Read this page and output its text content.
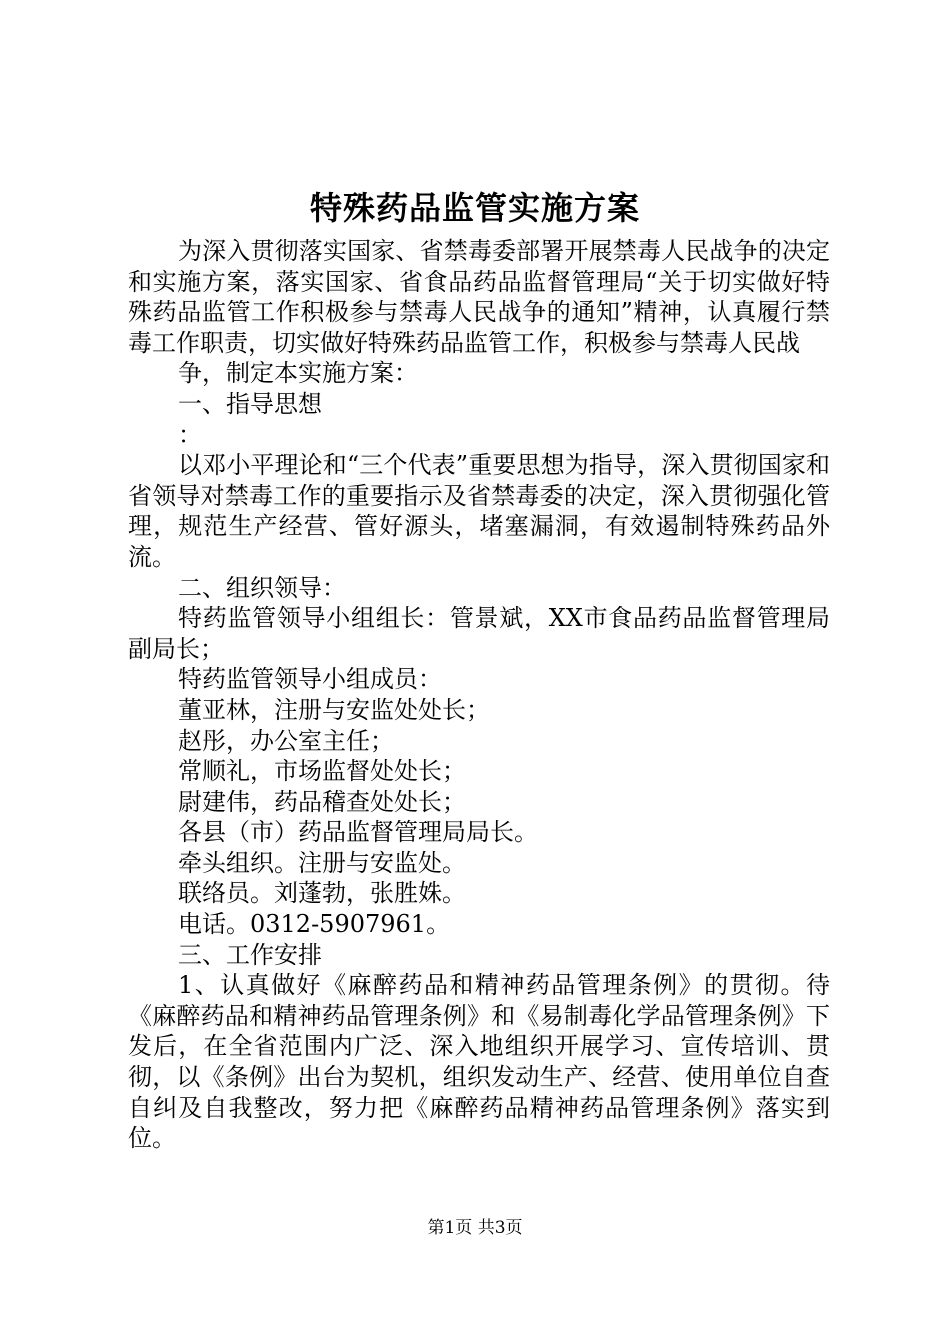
特殊药品监管实施方案

为深入贯彻落实国家、省禁毒委部署开展禁毒人民战争的决定和实施方案，落实国家、省食品药品监督管理局“关于切实做好特殊药品监管工作积极参与禁毒人民战争的通知”精神，认真履行禁毒工作职责，切实做好特殊药品监管工作，积极参与禁毒人民战

争，制定本实施方案：

一、指导思想

：

以邓小平理论和“三个代表”重要思想为指导，深入贯彻国家和省领导对禁毒工作的重要指示及省禁毒委的决定，深入贯彻强化管理，规范生产经营、管好源头，堵塞漏洞，有效遏制特殊药品外流。

二、组织领导：

特药监管领导小组组长：管景斌，XX市食品药品监督管理局副局长；

特药监管领导小组成员：

董亚林，注册与安监处处长；

赵彤，办公室主任；

常顺礼，市场监督处处长；

尉建伟，药品稽查处处长；

各县（市）药品监督管理局局长。

牵头组织。注册与安监处。

联络员。刘蓬勃，张胜姝。

电话。0312-5907961。

三、工作安排

1、认真做好《麻醉药品和精神药品管理条例》的贯彻。待《麻醉药品和精神药品管理条例》和《易制毒化学品管理条例》下发后，在全省范围内广泛、深入地组织开展学习、宣传培训、贯彻，以《条例》出台为契机，组织发动生产、经营、使用单位自查自纠及自我整改，努力把《麻醉药品精神药品管理条例》落实到位。

第1页 共3页
